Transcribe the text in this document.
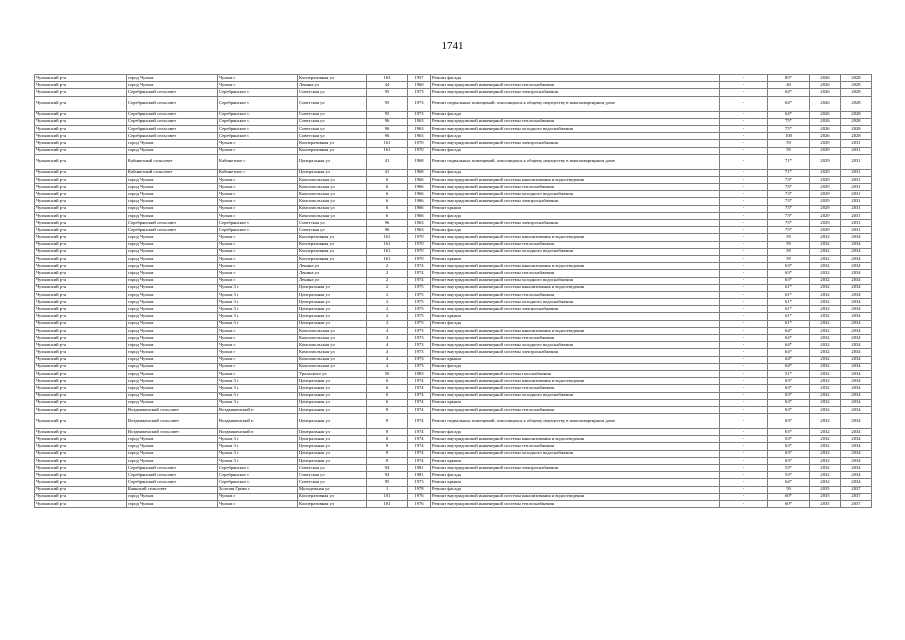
1741
Чулымский р-н	город Чулым	Чулым г	Кооперативная ул	163	1957	Ремонт фасада	-	85*	2026	2028
Чулымский р-н	город Чулым	Чулым г	Ленина ул	44	1960	Ремонт внутридомовой инженерной системы теплоснабжения	-	40	2026	2028
Чулымский р-н	Серебрянский сельсовет	Серебрянское с	Советская ул	95	1973	Ремонт внутридомовой инженерной системы электроснабжения	-	64*	2026	2028
Чулымский р-н	Серебрянский сельсовет	Серебрянское с	Советская ул	95	1973	Ремонт подвальных помещений, относящихся к общему имуществу в многоквартирном доме	-	64*	2026	2028
Чулымский р-н	Серебрянский сельсовет	Серебрянское с	Советская ул	95	1973	Ремонт фасада	-	64*	2026	2028
Чулымский р-н	Серебрянский сельсовет	Серебрянское с	Советская ул	96	1963	Ремонт внутридомовой инженерной системы теплоснабжения	-	75*	2026	2028
Чулымский р-н	Серебрянский сельсовет	Серебрянское с	Советская ул	96	1963	Ремонт внутридомовой инженерной системы холодного водоснабжения	-	75*	2026	2028
Чулымский р-н	Серебрянский сельсовет	Серебрянское с	Советская ул	96	1963	Ремонт фасада	-	100	2026	2028
Чулымский р-н	город Чулым	Чулым г	Кооперативная ул	161	1970	Ремонт внутридомовой инженерной системы электроснабжения	-	59	2029	2031
Чулымский р-н	город Чулым	Чулым г	Кооперативная ул	161	1970	Ремонт фасада	-	59	2029	2031
Чулымский р-н	Кабинетный сельсовет	Кабинетное с	Центральная ул	41	1968	Ремонт подвальных помещений, относящихся к общему имуществу в многоквартирном доме	-	71*	2029	2031
Чулымский р-н	Кабинетный сельсовет	Кабинетное с	Центральная ул	41	1968	Ремонт фасада	-	71*	2029	2031
Чулымский р-н	город Чулым	Чулым г	Комсомольская ул	6	1966	Ремонт внутридомовой инженерной системы канализования и водоотведения	-	73*	2029	2031
Чулымский р-н	город Чулым	Чулым г	Комсомольская ул	6	1966	Ремонт внутридомовой инженерной системы теплоснабжения	-	73*	2029	2031
Чулымский р-н	город Чулым	Чулым г	Комсомольская ул	6	1966	Ремонт внутридомовой инженерной системы холодного водоснабжения	-	73*	2029	2031
Чулымский р-н	город Чулым	Чулым г	Комсомольская ул	6	1966	Ремонт внутридомовой инженерной системы электроснабжения	-	73*	2029	2031
Чулымский р-н	город Чулым	Чулым г	Комсомольская ул	6	1966	Ремонт крыши	-	73*	2029	2031
Чулымский р-н	город Чулым	Чулым г	Комсомольская ул	6	1966	Ремонт фасада	-	73*	2029	2031
Чулымский р-н	Серебрянский сельсовет	Серебрянское с	Советская ул	96	1963	Ремонт внутридомовой инженерной системы электроснабжения	-	75*	2029	2031
Чулымский р-н	Серебрянский сельсовет	Серебрянское с	Советская ул	96	1963	Ремонт фасада	-	75*	2029	2031
Чулымский р-н	город Чулым	Чулым г	Кооперативная ул	161	1970	Ремонт внутридомовой инженерной системы канализования и водоотведения	-	59	2032	2034
Чулымский р-н	город Чулым	Чулым г	Кооперативная ул	161	1970	Ремонт внутридомовой инженерной системы теплоснабжения	-	59	2032	2034
Чулымский р-н	город Чулым	Чулым г	Кооперативная ул	161	1970	Ремонт внутридомовой инженерной системы холодного водоснабжения	-	59	2032	2034
Чулымский р-н	город Чулым	Чулым г	Кооперативная ул	161	1970	Ремонт крыши	-	59	2032	2034
Чулымский р-н	город Чулым	Чулым г	Ленина ул	2	1974	Ремонт внутридомовой инженерной системы канализования и водоотведения	-	63*	2032	2034
Чулымский р-н	город Чулым	Чулым г	Ленина ул	2	1974	Ремонт внутридомовой инженерной системы теплоснабжения	-	63*	2032	2034
Чулымский р-н	город Чулым	Чулым г	Ленина ул	2	1974	Ремонт внутридомовой инженерной системы холодного водоснабжения	-	63*	2032	2034
Чулымский р-н	город Чулым	Чулым 3 г	Центральная ул	2	1975	Ремонт внутридомовой инженерной системы канализования и водоотведения	-	61*	2032	2034
Чулымский р-н	город Чулым	Чулым 3 г	Центральная ул	2	1975	Ремонт внутридомовой инженерной системы теплоснабжения	-	61*	2032	2034
Чулымский р-н	город Чулым	Чулым 3 г	Центральная ул	2	1975	Ремонт внутридомовой инженерной системы холодного водоснабжения	-	61*	2032	2034
Чулымский р-н	город Чулым	Чулым 3 г	Центральная ул	2	1975	Ремонт внутридомовой инженерной системы электроснабжения	-	61*	2032	2034
Чулымский р-н	город Чулым	Чулым 3 г	Центральная ул	2	1975	Ремонт крыши	-	61*	2032	2034
Чулымский р-н	город Чулым	Чулым 3 г	Центральная ул	2	1975	Ремонт фасада	-	61*	2032	2034
Чулымский р-н	город Чулым	Чулым г	Комсомольская ул	4	1973	Ремонт внутридомовой инженерной системы канализования и водоотведения	-	64*	2032	2034
Чулымский р-н	город Чулым	Чулым г	Комсомольская ул	4	1973	Ремонт внутридомовой инженерной системы теплоснабжения	-	64*	2032	2034
Чулымский р-н	город Чулым	Чулым г	Комсомольская ул	4	1973	Ремонт внутридомовой инженерной системы холодного водоснабжения	-	64*	2032	2034
Чулымский р-н	город Чулым	Чулым г	Комсомольская ул	4	1973	Ремонт внутридомовой инженерной системы электроснабжения	-	64*	2032	2034
Чулымский р-н	город Чулым	Чулым г	Комсомольская ул	4	1973	Ремонт крыши	-	64*	2032	2034
Чулымский р-н	город Чулым	Чулым г	Комсомольская ул	4	1973	Ремонт фасада	-	64*	2032	2034
Чулымский р-н	город Чулым	Чулым г	Уральского ул	50	1983	Ремонт внутридомовой инженерной системы газоснабжения	-	51*	2032	2034
Чулымский р-н	город Чулым	Чулым 3 г	Центральная ул	6	1974	Ремонт внутридомовой инженерной системы канализования и водоотведения	-	63*	2032	2034
Чулымский р-н	город Чулым	Чулым 3 г	Центральная ул	6	1974	Ремонт внутридомовой инженерной системы теплоснабжения	-	63*	2032	2034
Чулымский р-н	город Чулым	Чулым 3 г	Центральная ул	6	1974	Ремонт внутридомовой инженерной системы холодного водоснабжения	-	63*	2032	2034
Чулымский р-н	город Чулым	Чулым 3 г	Центральная ул	6	1974	Ремонт крыши	-	63*	2032	2034
Чулымский р-н	Воздвиженский сельсовет	Воздвиженский п	Центральная ул	8	1974	Ремонт внутридомовой инженерной системы теплоснабжения	-	63*	2032	2034
Чулымский р-н	Воздвиженский сельсовет	Воздвиженский п	Центральная ул	8	1974	Ремонт подвальных помещений, относящихся к общему имуществу в многоквартирном доме	-	63*	2032	2034
Чулымский р-н	Воздвиженский сельсовет	Воздвиженский п	Центральная ул	8	1974	Ремонт фасада	-	63*	2032	2034
Чулымский р-н	город Чулым	Чулым 3 г	Центральная ул	8	1974	Ремонт внутридомовой инженерной системы канализования и водоотведения	-	63*	2032	2034
Чулымский р-н	город Чулым	Чулым 3 г	Центральная ул	8	1974	Ремонт внутридомовой инженерной системы теплоснабжения	-	63*	2032	2034
Чулымский р-н	город Чулым	Чулым 3 г	Центральная ул	8	1974	Ремонт внутридомовой инженерной системы холодного водоснабжения	-	63*	2032	2034
Чулымский р-н	город Чулым	Чулым 3 г	Центральная ул	8	1974	Ремонт крыши	-	63*	2032	2034
Чулымский р-н	Серебрянский сельсовет	Серебрянское с	Советская ул	94	1981	Ремонт внутридомовой инженерной системы электроснабжения	-	53*	2032	2034
Чулымский р-н	Серебрянский сельсовет	Серебрянское с	Советская ул	94	1981	Ремонт фасада	-	53*	2032	2034
Чулымский р-н	Серебрянский сельсовет	Серебрянское с	Советская ул	95	1973	Ремонт крыши	-	64*	2032	2034
Чулымский р-н	Каякский сельсовет	Золотая Грива с	Молодежная ул	1	1978	Ремонт фасада	-	59	2035	2037
Чулымский р-н	город Чулым	Чулым г	Кооперативная ул	101	1976	Ремонт внутридомовой инженерной системы канализования и водоотведения	-	60*	2035	2037
Чулымский р-н	город Чулым	Чулым г	Кооперативная ул	101	1976	Ремонт внутридомовой инженерной системы теплоснабжения	-	60*	2035	2037
